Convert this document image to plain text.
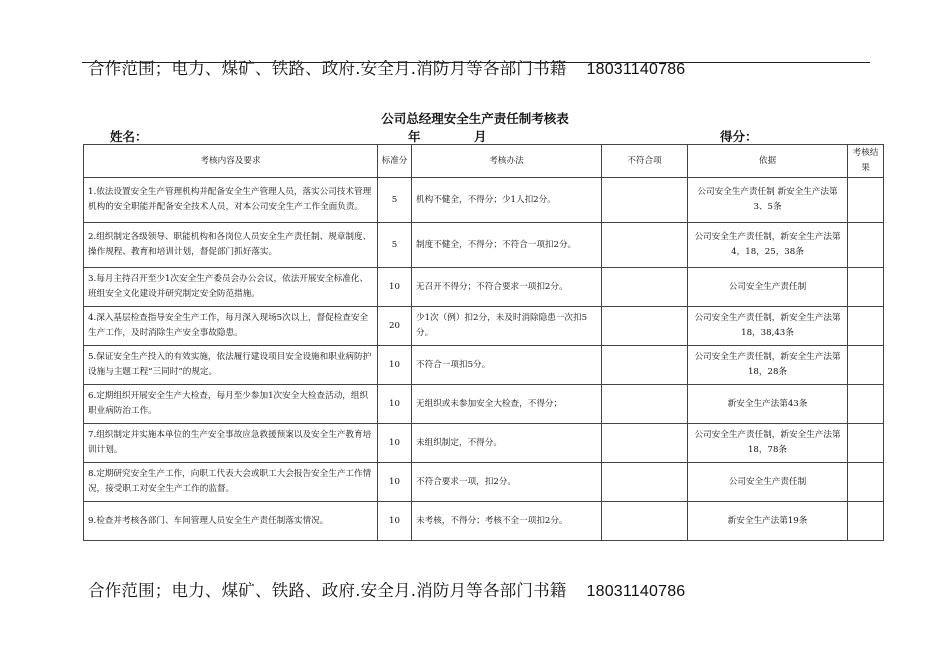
合作范围；电力、煤矿、铁路、政府.安全月.消防月等各部门书籍 18031140786
公司总经理安全生产责任制考核表
姓名：	年	月	得分：
考核内容及要求	标准分	考核办法	不符合项	依据	考核结果
1.依法设置安全生产管理机构并配备安全生产管理人员，落实公司技术管理机构的安全职能并配备安全技术人员，对本公司安全生产工作全面负责。	5	机构不健全，不得分；少1人扣2分。		公司安全生产责任制 新安全生产法第3、5条	
2.组织制定各级领导、职能机构和各岗位人员安全生产责任制、规章制度、操作规程、教育和培训计划，督促部门抓好落实。	5	制度不健全，不得分；不符合一项扣2分。		公司安全生产责任制，新安全生产法第4，18，25，38条	
3.每月主持召开至少1次安全生产委员会办公会议，依法开展安全标准化、班组安全文化建设并研究制定安全防范措施。	10	无召开不得分；不符合要求一项扣2分。		公司安全生产责任制	
4.深入基层检查指导安全生产工作，每月深入现场5次以上，督促检查安全生产工作，及时消除生产安全事故隐患。	20	少1次（例）扣2分，未及时消除隐患一次扣5分。		公司安全生产责任制，新安全生产法第18，38,43条	
5.保证安全生产投入的有效实施，依法履行建设项目安全设施和职业病防护设施与主题工程“三同时”的规定。	10	不符合一项扣5分。		公司安全生产责任制，新安全生产法第18，28条	
6.定期组织开展安全生产大检查，每月至少参加1次安全大检查活动，组织职业病防治工作。	10	无组织或未参加安全大检查，不得分；		新安全生产法第43条	
7.组织制定并实施本单位的生产安全事故应急救援预案以及安全生产教育培训计划。	10	未组织制定，不得分。		公司安全生产责任制，新安全生产法第18，78条	
8.定期研究安全生产工作，向职工代表大会或职工大会报告安全生产工作情况，接受职工对安全生产工作的监督。	10	不符合要求一项，扣2分。		公司安全生产责任制	
9.检查并考核各部门、车间管理人员安全生产责任制落实情况。	10	未考核，不得分；考核不全一项扣2分。		新安全生产法第19条	
合作范围；电力、煤矿、铁路、政府.安全月.消防月等各部门书籍 18031140786
